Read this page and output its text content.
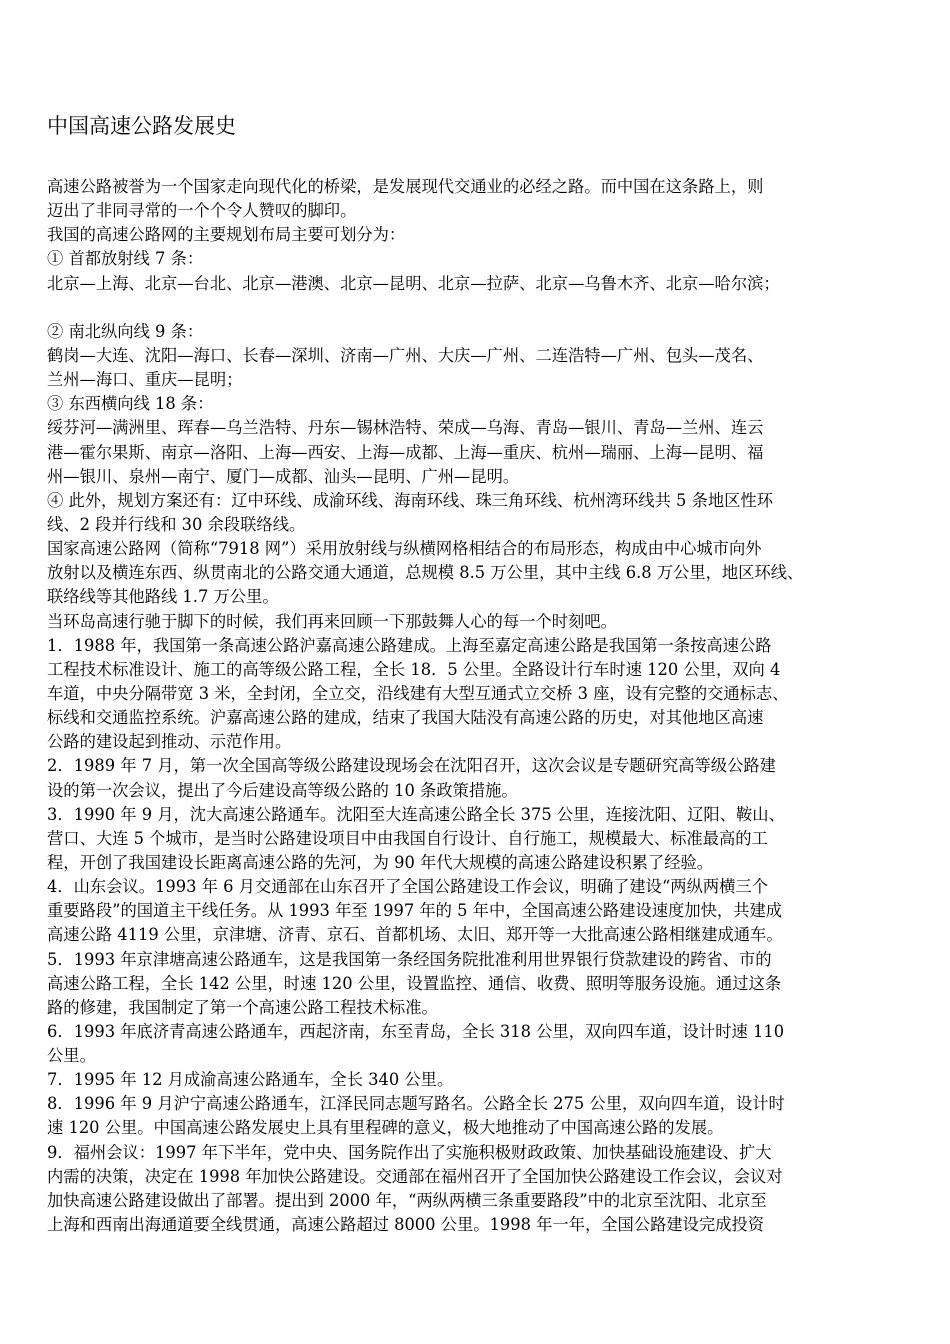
中国高速公路发展史
高速公路被誉为一个国家走向现代化的桥梁，是发展现代交通业的必经之路。而中国在这条路上，则
迈出了非同寻常的一个个令人赞叹的脚印。
我国的高速公路网的主要规划布局主要可划分为：
① 首都放射线 7 条：
北京—上海、北京—台北、北京—港澳、北京—昆明、北京—拉萨、北京—乌鲁木齐、北京—哈尔滨；
② 南北纵向线 9 条：
鹤岗—大连、沈阳—海口、长春—深圳、济南—广州、大庆—广州、二连浩特—广州、包头—茂名、
兰州—海口、重庆—昆明；
③ 东西横向线 18 条：
绥芬河—满洲里、珲春—乌兰浩特、丹东—锡林浩特、荣成—乌海、青岛—银川、青岛—兰州、连云
港—霍尔果斯、南京—洛阳、上海—西安、上海—成都、上海—重庆、杭州—瑞丽、上海—昆明、福
州—银川、泉州—南宁、厦门—成都、汕头—昆明、广州—昆明。
④ 此外，规划方案还有：辽中环线、成渝环线、海南环线、珠三角环线、杭州湾环线共 5 条地区性环
线、2 段并行线和 30 余段联络线。
国家高速公路网（简称“7918 网”）采用放射线与纵横网格相结合的布局形态，构成由中心城市向外
放射以及横连东西、纵贯南北的公路交通大通道，总规模 8.5 万公里，其中主线 6.8 万公里，地区环线、
联络线等其他路线 1.7 万公里。
当环岛高速行驰于脚下的时候，我们再来回顾一下那鼓舞人心的每一个时刻吧。
1．1988 年，我国第一条高速公路沪嘉高速公路建成。上海至嘉定高速公路是我国第一条按高速公路
工程技术标准设计、施工的高等级公路工程，全长 18．5 公里。全路设计行车时速 120 公里，双向 4
车道，中央分隔带宽 3 米，全封闭，全立交，沿线建有大型互通式立交桥 3 座，设有完整的交通标志、
标线和交通监控系统。沪嘉高速公路的建成，结束了我国大陆没有高速公路的历史，对其他地区高速
公路的建设起到推动、示范作用。
2．1989 年 7 月，第一次全国高等级公路建设现场会在沈阳召开，这次会议是专题研究高等级公路建
设的第一次会议，提出了今后建设高等级公路的 10 条政策措施。
3．1990 年 9 月，沈大高速公路通车。沈阳至大连高速公路全长 375 公里，连接沈阳、辽阳、鞍山、
营口、大连 5 个城市，是当时公路建设项目中由我国自行设计、自行施工，规模最大、标准最高的工
程，开创了我国建设长距离高速公路的先河，为 90 年代大规模的高速公路建设积累了经验。
4．山东会议。1993 年 6 月交通部在山东召开了全国公路建设工作会议，明确了建设“两纵两横三个
重要路段”的国道主干线任务。从 1993 年至 1997 年的 5 年中，全国高速公路建设速度加快，共建成
高速公路 4119 公里，京津塘、济青、京石、首都机场、太旧、郑开等一大批高速公路相继建成通车。
5．1993 年京津塘高速公路通车，这是我国第一条经国务院批准利用世界银行贷款建设的跨省、市的
高速公路工程，全长 142 公里，时速 120 公里，设置监控、通信、收费、照明等服务设施。通过这条
路的修建，我国制定了第一个高速公路工程技术标准。
6．1993 年底济青高速公路通车，西起济南，东至青岛，全长 318 公里，双向四车道，设计时速 110
公里。
7．1995 年 12 月成渝高速公路通车，全长 340 公里。
8．1996 年 9 月沪宁高速公路通车，江泽民同志题写路名。公路全长 275 公里，双向四车道，设计时
速 120 公里。中国高速公路发展史上具有里程碑的意义，极大地推动了中国高速公路的发展。
9．福州会议：1997 年下半年，党中央、国务院作出了实施积极财政政策、加快基础设施建设、扩大
内需的决策，决定在 1998 年加快公路建设。交通部在福州召开了全国加快公路建设工作会议，会议对
加快高速公路建设做出了部署。提出到 2000 年，“两纵两横三条重要路段”中的北京至沈阳、北京至
上海和西南出海通道要全线贯通，高速公路超过 8000 公里。1998 年一年，全国公路建设完成投资
